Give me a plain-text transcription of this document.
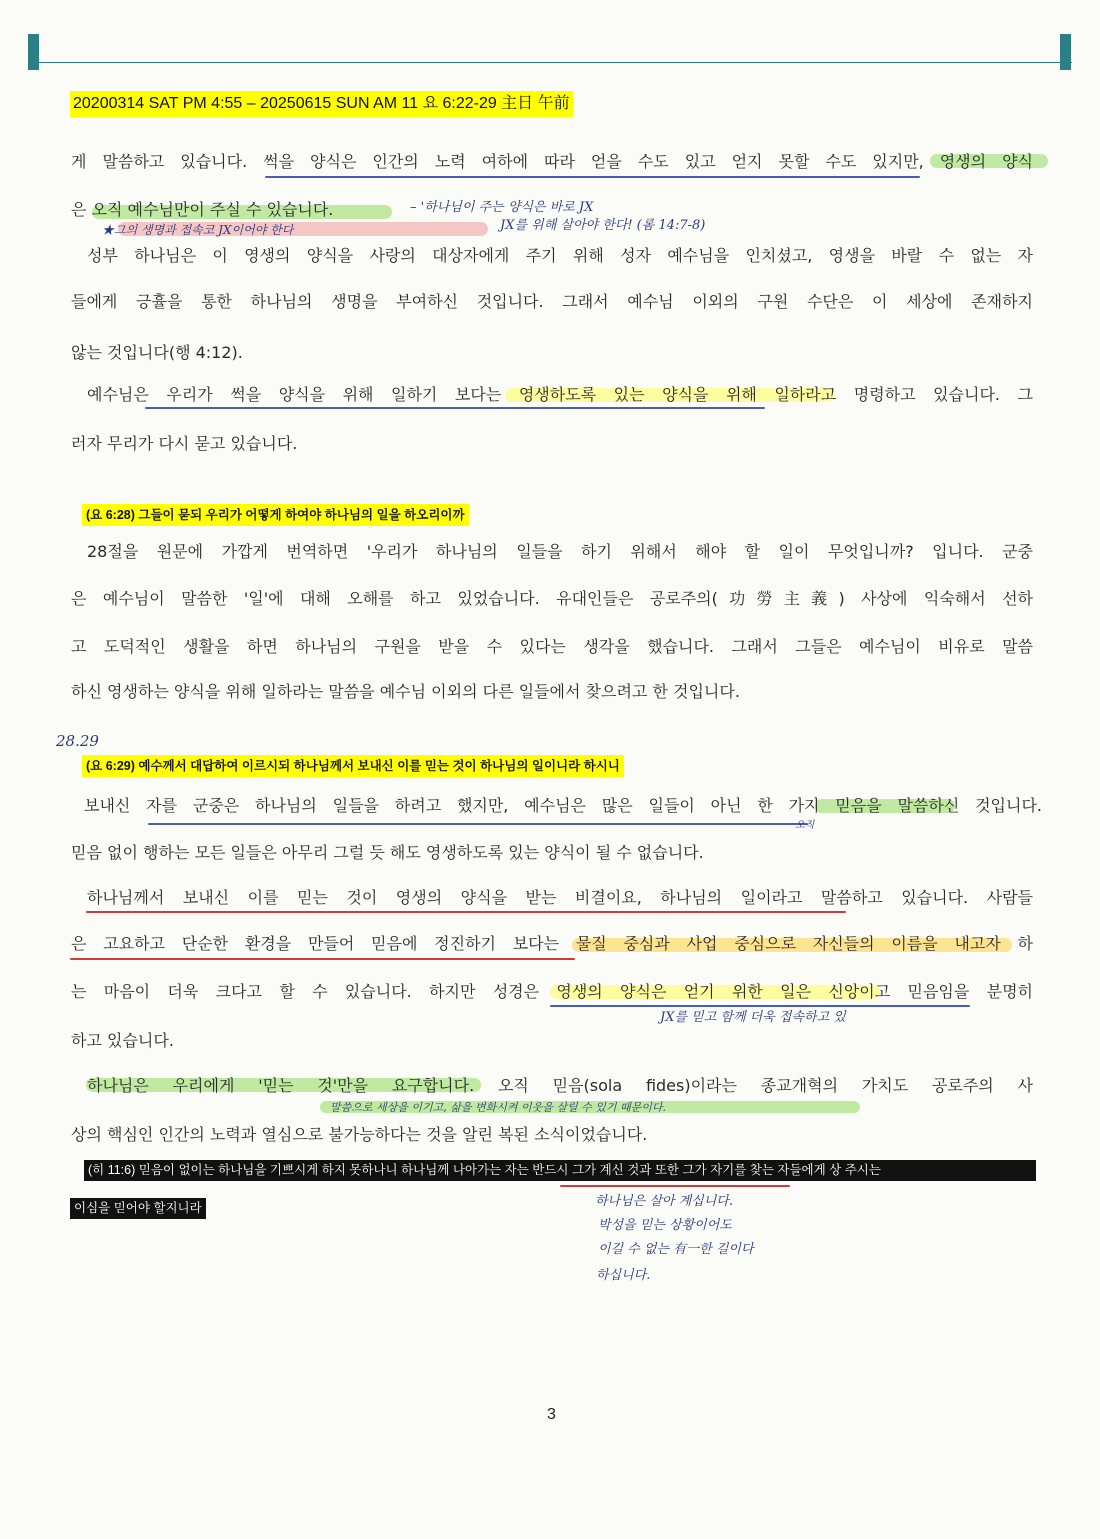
20200314 SAT PM 4:55 – 20250615 SUN AM 11 요 6:22-29 主日 午前
게 말씀하고 있습니다. 썩을 양식은 인간의 노력 여하에 따라 얻을 수도 있고 얻지 못할 수도 있지만, 영생의 양식
은 오직 예수님만이 주실 수 있습니다.
성부 하나님은 이 영생의 양식을 사랑의 대상자에게 주기 위해 성자 예수님을 인치셨고, 영생을 바랄 수 없는 자
들에게 긍휼을 통한 하나님의 생명을 부여하신 것입니다. 그래서 예수님 이외의 구원 수단은 이 세상에 존재하지
않는 것입니다(행 4:12).
예수님은 우리가 썩을 양식을 위해 일하기 보다는 영생하도록 있는 양식을 위해 일하라고 명령하고 있습니다. 그
러자 무리가 다시 묻고 있습니다.
(요 6:28) 그들이 묻되 우리가 어떻게 하여야 하나님의 일을 하오리이까
28절을 원문에 가깝게 번역하면 '우리가 하나님의 일들을 하기 위해서 해야 할 일이 무엇입니까? 입니다. 군중
은 예수님이 말씀한 '일'에 대해 오해를 하고 있었습니다. 유대인들은 공로주의(功勞主義) 사상에 익숙해서 선하
고 도덕적인 생활을 하면 하나님의 구원을 받을 수 있다는 생각을 했습니다. 그래서 그들은 예수님이 비유로 말씀
하신 영생하는 양식을 위해 일하라는 말씀을 예수님 이외의 다른 일들에서 찾으려고 한 것입니다.
(요 6:29) 예수께서 대답하여 이르시되 하나님께서 보내신 이를 믿는 것이 하나님의 일이니라 하시니
보내신 자를 군중은 하나님의 일들을 하려고 했지만, 예수님은 많은 일들이 아닌 한 가지 믿음을 말씀하신 것입니다.
믿음 없이 행하는 모든 일들은 아무리 그럴 듯 해도 영생하도록 있는 양식이 될 수 없습니다.
하나님께서 보내신 이를 믿는 것이 영생의 양식을 받는 비결이요, 하나님의 일이라고 말씀하고 있습니다. 사람들
은 고요하고 단순한 환경을 만들어 믿음에 정진하기 보다는 물질 중심과 사업 중심으로 자신들의 이름을 내고자 하
는 마음이 더욱 크다고 할 수 있습니다. 하지만 성경은 영생의 양식은 얻기 위한 일은 신앙이고 믿음임을 분명히
하고 있습니다.
하나님은 우리에게 '믿는 것'만을 요구합니다. 오직 믿음(sola fides)이라는 종교개혁의 가치도 공로주의 사
상의 핵심인 인간의 노력과 열심으로 불가능하다는 것을 알린 복된 소식이었습니다.
(히 11:6) 믿음이 없이는 하나님을 기쁘시게 하지 못하나니 하나님께 나아가는 자는 반드시 그가 계신 것과 또한 그가 자기를 찾는 자들에게 상 주시는
이심을 믿어야 할지니라
– '하나님이 주는 양식은 바로 JX
★그의 생명과 접속코 JX이어야 한다	JX를 위해 살아야 한다! (롬 14:7-8)
28.29
오직
JX를 믿고 함께 더욱 접속하고 있
말씀으로 세상을 이기고, 삶을 변화시켜 이웃을 살릴 수 있기 때문이다.
하나님은 살아 계십니다.
박성을 믿는 상황이어도
이길 수 없는 有一한 길이다
하십니다.
3
